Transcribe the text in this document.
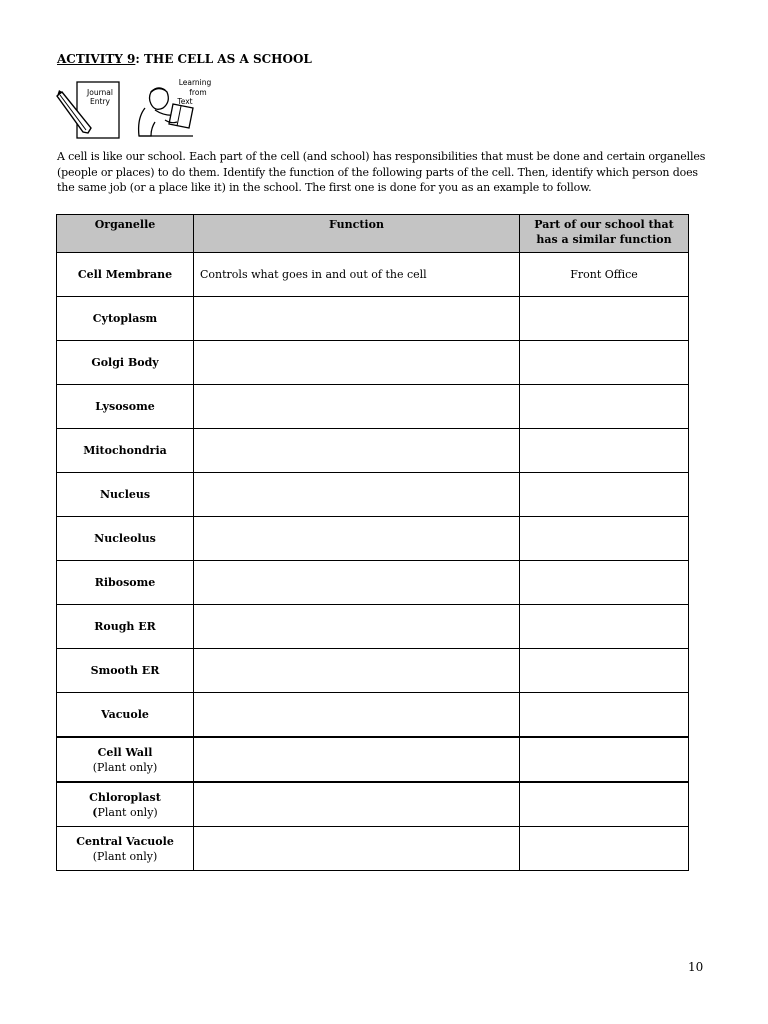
ACTIVITY 9: THE CELL AS A SCHOOL
Journal
Entry
Learning
from
Text
A cell is like our school. Each part of the cell (and school) has responsibilities that must be done and certain organelles (people or places) to do them. Identify the function of the following parts of the cell. Then, identify which person does the same job (or a place like it) in the school. The first one is done for you as an example to follow.
Organelle	Function	Part of our school that has a similar function
Cell Membrane	Controls what goes in and out of the cell	Front Office
Cytoplasm		
Golgi Body		
Lysosome		
Mitochondria		
Nucleus		
Nucleolus		
Ribosome		
Rough ER		
Smooth ER		
Vacuole		
Cell Wall
(Plant only)		

Chloroplast
(Plant only)		

Central Vacuole
(Plant only)		

10
